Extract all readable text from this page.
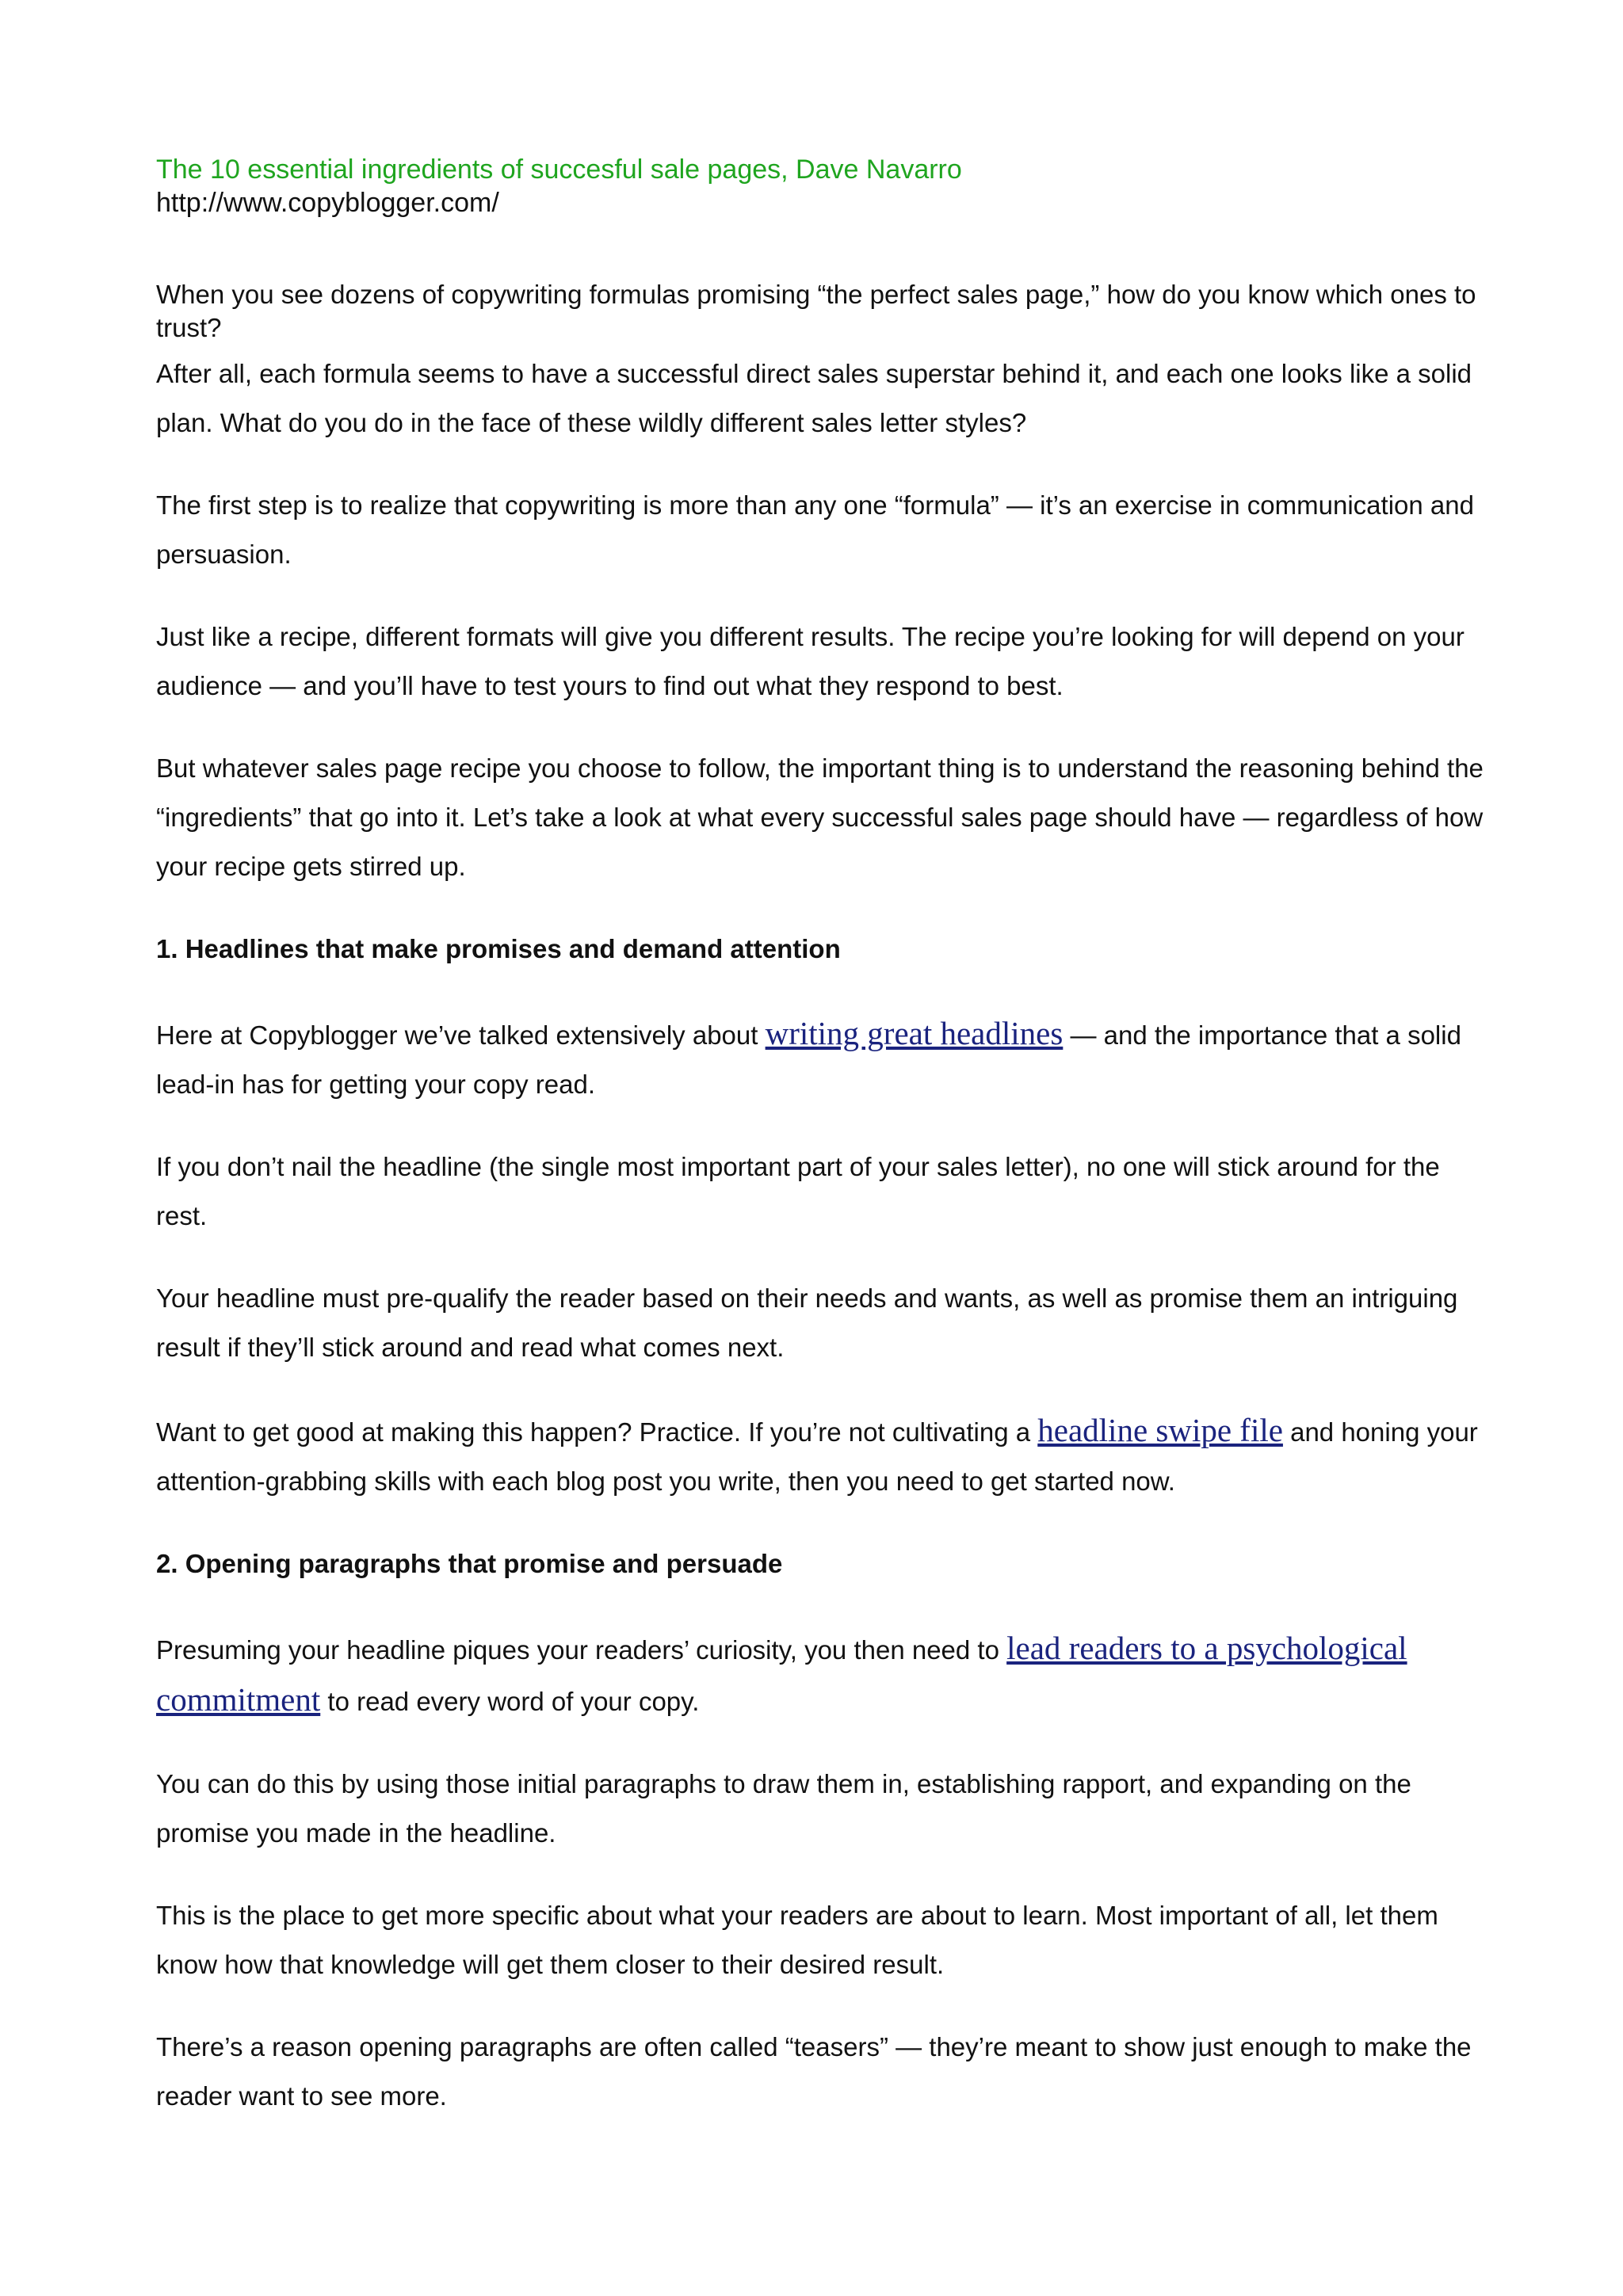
The 10 essential ingredients of succesful sale pages, Dave Navarro
http://www.copyblogger.com/

When you see dozens of copywriting formulas promising “the perfect sales page,” how do you know which ones to trust?

After all, each formula seems to have a successful direct sales superstar behind it, and each one looks like a solid plan. What do you do in the face of these wildly different sales letter styles?

The first step is to realize that copywriting is more than any one “formula” — it’s an exercise in communication and persuasion.

Just like a recipe, different formats will give you different results. The recipe you’re looking for will depend on your audience — and you’ll have to test yours to find out what they respond to best.

But whatever sales page recipe you choose to follow, the important thing is to understand the reasoning behind the “ingredients” that go into it. Let’s take a look at what every successful sales page should have — regardless of how your recipe gets stirred up.

1. Headlines that make promises and demand attention

Here at Copyblogger we’ve talked extensively about writing great headlines — and the importance that a solid lead-in has for getting your copy read.

If you don’t nail the headline (the single most important part of your sales letter), no one will stick around for the rest.

Your headline must pre-qualify the reader based on their needs and wants, as well as promise them an intriguing result if they’ll stick around and read what comes next.

Want to get good at making this happen? Practice. If you’re not cultivating a headline swipe file and honing your attention-grabbing skills with each blog post you write, then you need to get started now.

2. Opening paragraphs that promise and persuade

Presuming your headline piques your readers’ curiosity, you then need to lead readers to a psychological commitment to read every word of your copy.

You can do this by using those initial paragraphs to draw them in, establishing rapport, and expanding on the promise you made in the headline.

This is the place to get more specific about what your readers are about to learn. Most important of all, let them know how that knowledge will get them closer to their desired result.

There’s a reason opening paragraphs are often called “teasers” — they’re meant to show just enough to make the reader want to see more.
